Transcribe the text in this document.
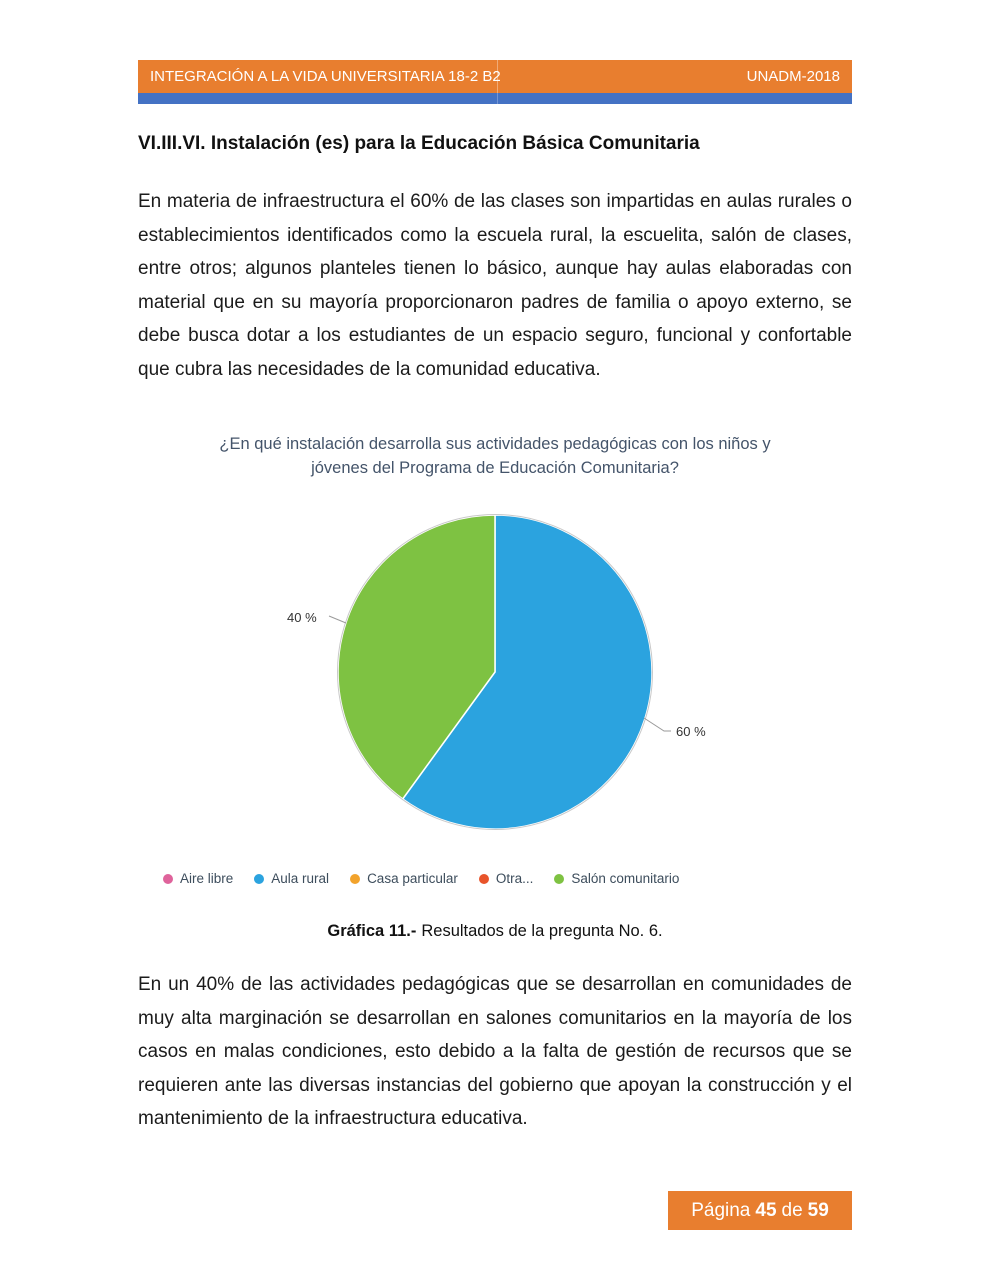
INTEGRACIÓN A LA VIDA UNIVERSITARIA 18-2 B2	UNADM-2018
VI.III.VI. Instalación (es) para la Educación Básica Comunitaria
En materia de infraestructura el 60% de las clases son impartidas en aulas rurales o establecimientos identificados como la escuela rural, la escuelita, salón de clases, entre otros; algunos planteles tienen lo básico, aunque hay aulas elaboradas con material que en su mayoría proporcionaron padres de familia o apoyo externo, se debe busca dotar a los estudiantes de un espacio seguro, funcional y confortable que cubra las necesidades de la comunidad educativa.
¿En qué instalación desarrolla sus actividades pedagógicas con los niños y jóvenes del Programa de Educación Comunitaria?
40 %
60 %
Aire libre	Aula rural	Casa particular	Otra...	Salón comunitario
Gráfica 11.- Resultados de la pregunta No. 6.
En un 40% de las actividades pedagógicas que se desarrollan en comunidades de muy alta marginación se desarrollan en salones comunitarios en la mayoría de los casos en malas condiciones, esto debido a la falta de gestión de recursos que se requieren ante las diversas instancias del gobierno que apoyan la construcción y el mantenimiento de la infraestructura educativa.
Página 45 de 59
